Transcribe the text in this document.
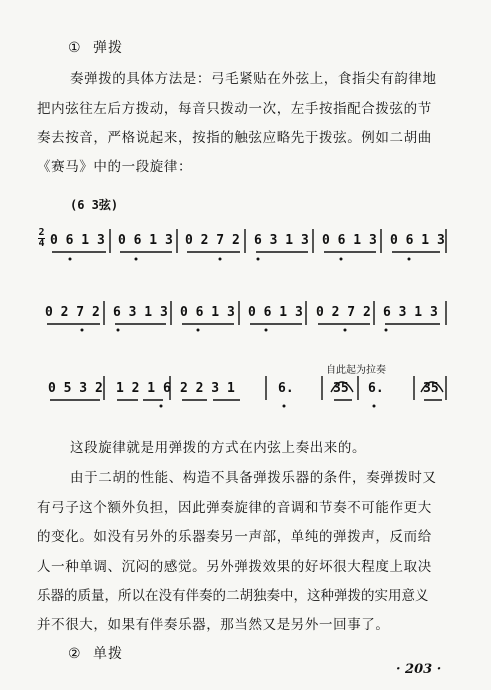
① 弹拨
奏弹拨的具体方法是：弓毛紧贴在外弦上，食指尖有韵律地
把内弦往左后方拨动，每音只拨动一次，左手按指配合拨弦的节
奏去按音，严格说起来，按指的触弦应略先于拨弦。例如二胡曲
《赛马》中的一段旋律：
(6 3弦)
2
4 0 6 1 3 0 6 1 3 0 2 7 2 6 3 1 3 0 6 1 3 0 6 1 3
0 2 7 2 6 3 1 3 0 6 1 3 0 6 1 3 0 2 7 2 6 3 1 3
0 5 3 2 1 2 1 6 2 2 3 1	6.	35 6.	35
自此起为拉奏
这段旋律就是用弹拨的方式在内弦上奏出来的。
由于二胡的性能、构造不具备弹拨乐器的条件，奏弹拨时又
有弓子这个额外负担，因此弹奏旋律的音调和节奏不可能作更大
的变化。如没有另外的乐器奏另一声部，单纯的弹拨声，反而给
人一种单调、沉闷的感觉。另外弹拨效果的好坏很大程度上取决
乐器的质量，所以在没有伴奏的二胡独奏中，这种弹拨的实用意义
并不很大，如果有伴奏乐器，那当然又是另外一回事了。
② 单拨
· 203 ·
